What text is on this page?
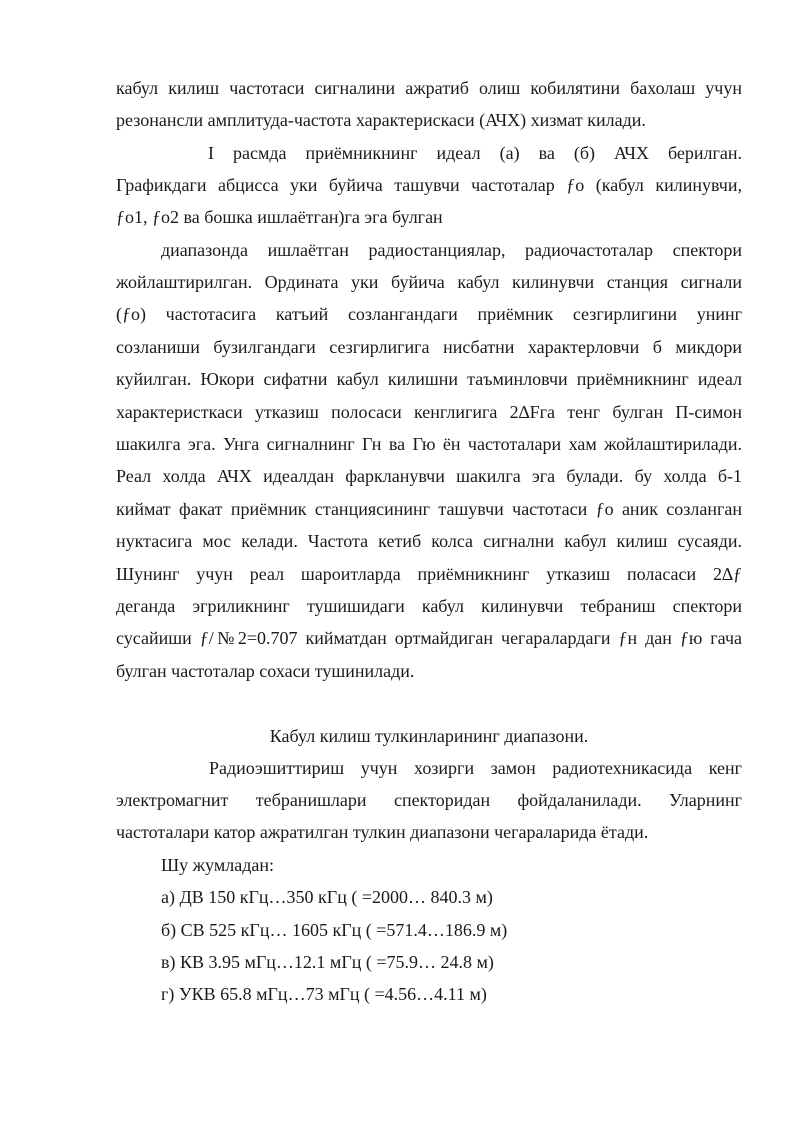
кабул килиш частотаси сигналини ажратиб олиш кобилятини бахолаш учун

резонансли амплитуда-частота характерискаси (АЧХ) хизмат килади.

I расмда приёмникнинг идеал (а) ва (б) АЧХ берилган.

Графикдаги абцисса уки буйича ташувчи частоталар ƒо (кабул килинувчи,

ƒо1, ƒо2 ва бошка ишлаётган)га эга булган

диапазонда ишлаётган радиостанциялар, радиочастоталар спектори

жойлаштирилган. Ордината уки буйича кабул килинувчи станция сигнали

(ƒо) частотасига катъий созлангандаги приёмник сезгирлигини унинг

созланиши бузилгандаги сезгирлигига нисбатни характерловчи б микдори

куйилган. Юкори сифатни кабул килишни таъминловчи приёмникнинг идеал

характеристкаси утказиш полосаси кенглигига 2∆Fга тенг булган П-симон

шакилга эга. Унга сигналнинг Гн ва Гю ён частоталари хам жойлаштирилади.

Реал холда АЧХ идеалдан фаркланувчи шакилга эга булади. бу холда б-1

киймат факат приёмник станциясининг ташувчи частотаси ƒо аник созланган

нуктасига мос келади. Частота кетиб колса сигнални кабул килиш сусаяди.

Шунинг учун реал шароитларда приёмникнинг утказиш поласаси 2∆ƒ

деганда эгриликнинг тушишидаги кабул килинувчи тебраниш спектори

сусайиши ƒ/№2=0.707 кийматдан ортмайдиган чегаралардаги ƒн дан ƒю гача

булган частоталар сохаси тушинилади.

Радиоэшиттириш учун хозирги замон радиотехникасида кенг

электромагнит тебранишлари спекторидан фойдаланилади. Уларнинг

частоталари катор ажратилган тулкин диапазони чегараларида ётади.

Шу жумладан:

а) ДВ 150 кГц…350 кГц ( =2000… 840.3 м)

б) СВ 525 кГц… 1605 кГц ( =571.4…186.9 м)

в) КВ 3.95 мГц…12.1 мГц ( =75.9… 24.8 м)

г) УКВ 65.8 мГц…73 мГц ( =4.56…4.11 м)

Кабул килиш тулкинларининг диапазони.
